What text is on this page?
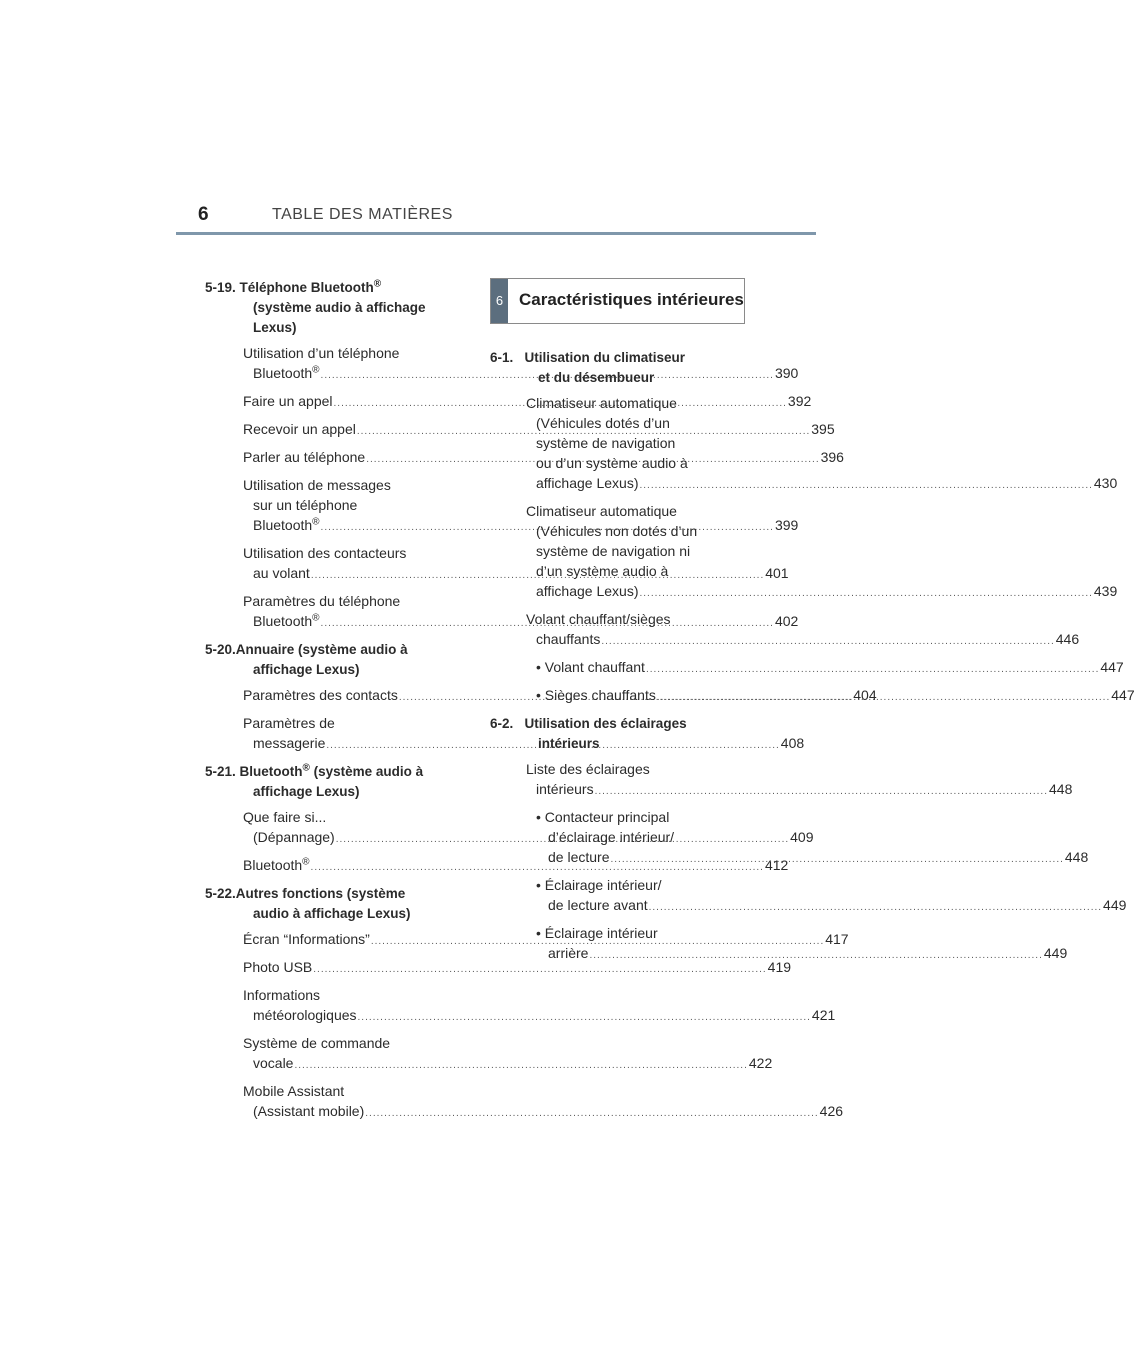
6	TABLE DES MATIÈRES
5-19. Téléphone Bluetooth®
(système audio à affichage
Lexus)
Utilisation d’un téléphone
Bluetooth® .....	390
Faire un appel .....	392
Recevoir un appel .....	395
Parler au téléphone .....	396
Utilisation de messages
sur un téléphone
Bluetooth® .....	399
Utilisation des contacteurs
au volant .....	401
Paramètres du téléphone
Bluetooth® .....	402
5-20.Annuaire (système audio à
affichage Lexus)
Paramètres des contacts .....	404
Paramètres de
messagerie .....	408
5-21. Bluetooth® (système audio à
affichage Lexus)
Que faire si...
(Dépannage) .....	409
Bluetooth® .....	412
5-22.Autres fonctions (système
audio à affichage Lexus)
Écran “Informations” .....	417
Photo USB .....	419
Informations
météorologiques .....	421
Système de commande
vocale .....	422
Mobile Assistant
(Assistant mobile) .....	426
6 Caractéristiques intérieures
6-1.   Utilisation du climatiseur
et du désembueur
Climatiseur automatique
(Véhicules dotés d’un
système de navigation
ou d’un système audio à
affichage Lexus) .....	430
Climatiseur automatique
(Véhicules non dotés d’un
système de navigation ni
d’un système audio à
affichage Lexus) .....	439
Volant chauffant/sièges
chauffants .....	446
• Volant chauffant .....	447
• Sièges chauffants .....	447
6-2.   Utilisation des éclairages
intérieurs
Liste des éclairages
intérieurs .....	448
• Contacteur principal
d’éclairage intérieur/
de lecture .....	448
• Éclairage intérieur/
de lecture avant .....	449
• Éclairage intérieur
arrière .....	449
